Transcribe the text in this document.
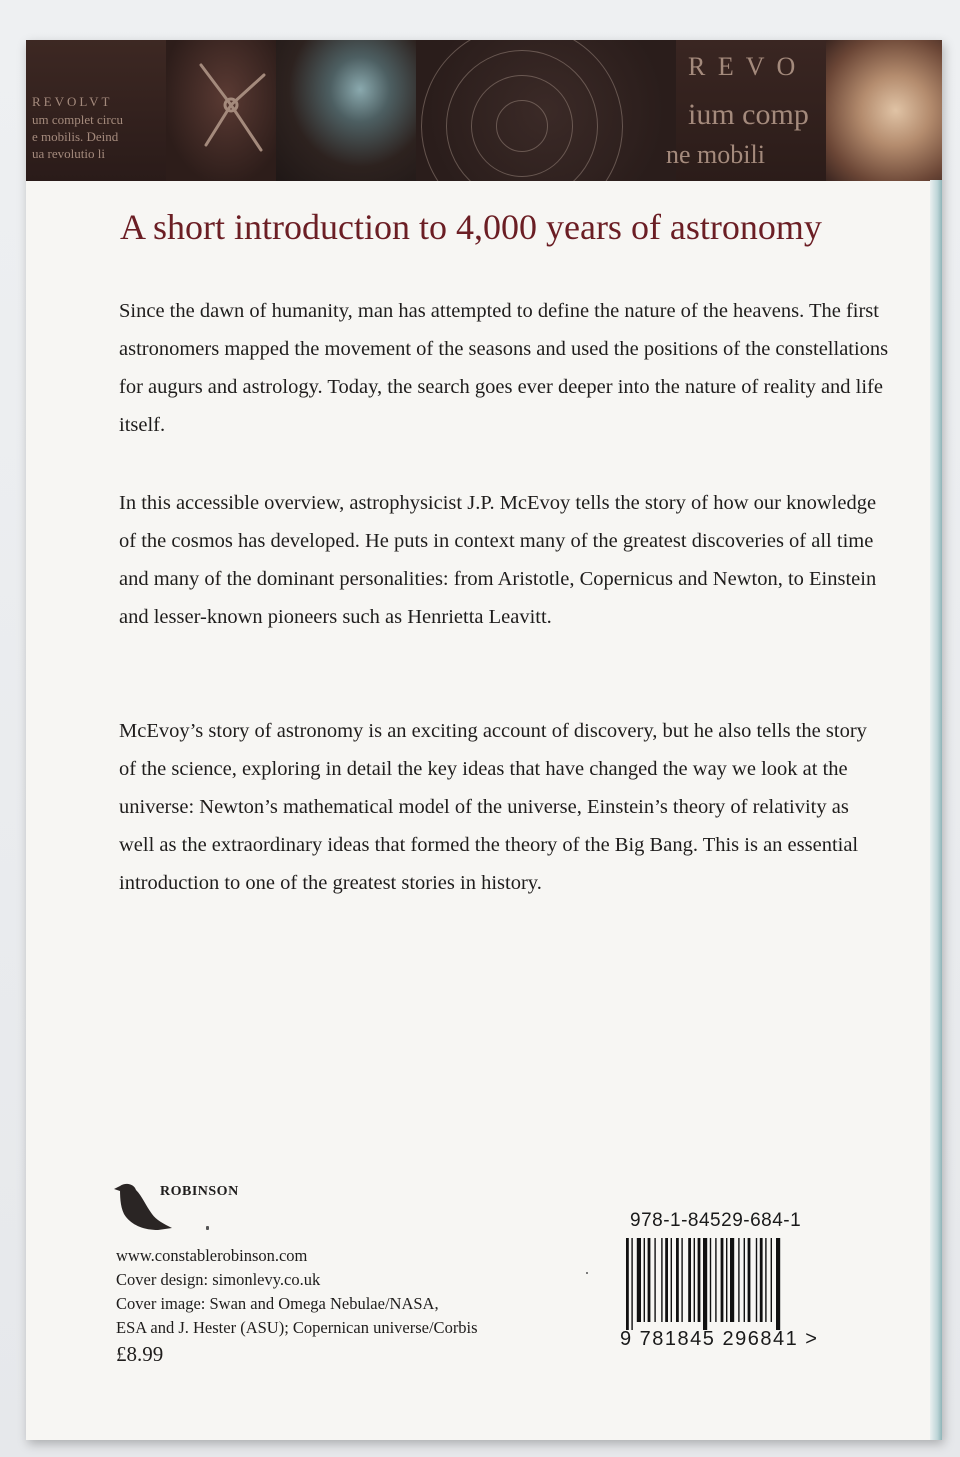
REVOLVT
um complet circu
e mobilis. Deind
ua revolutio li
R E V O
ium comp
ne mobili
A short introduction to 4,000 years of astronomy
Since the dawn of humanity, man has attempted to define the nature of the heavens. The first astronomers mapped the movement of the seasons and used the positions of the constellations for augurs and astrology. Today, the search goes ever deeper into the nature of reality and life itself.
In this accessible overview, astrophysicist J.P. McEvoy tells the story of how our knowledge of the cosmos has developed. He puts in context many of the greatest discoveries of all time and many of the dominant personalities: from Aristotle, Copernicus and Newton, to Einstein and lesser-known pioneers such as Henrietta Leavitt.
McEvoy’s story of astronomy is an exciting account of discovery, but he also tells the story of the science, exploring in detail the key ideas that have changed the way we look at the universe: Newton’s mathematical model of the universe, Einstein’s theory of relativity as well as the extraordinary ideas that formed the theory of the Big Bang. This is an essential introduction to one of the greatest stories in history.
ROBINSON
www.constablerobinson.com
Cover design: simonlevy.co.uk
Cover image: Swan and Omega Nebulae/NASA,
ESA and J. Hester (ASU); Copernican universe/Corbis
£8.99
978-1-84529-684-1
9 781845 296841 >
